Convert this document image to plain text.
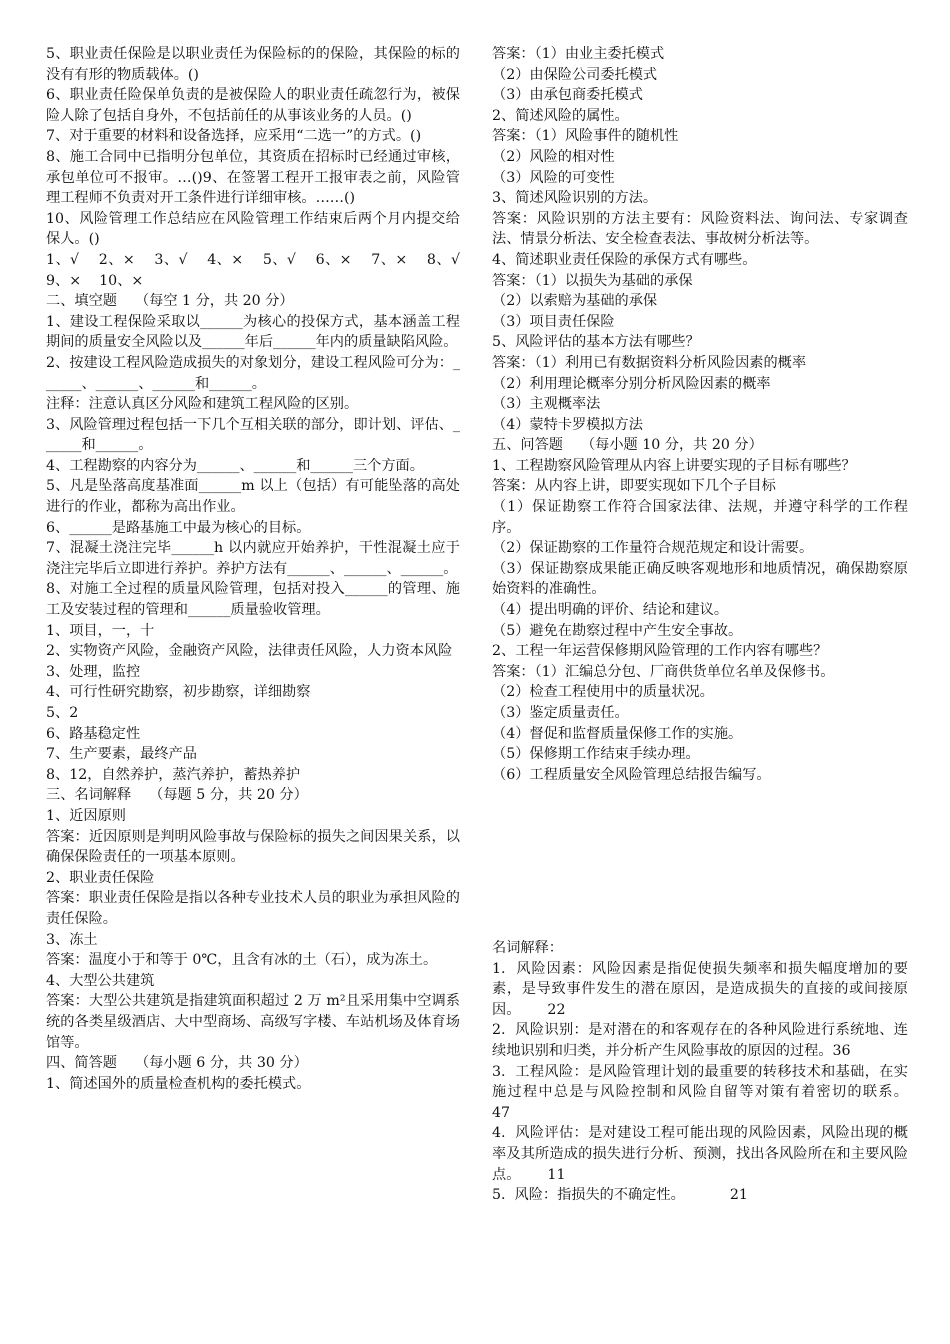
5、职业责任保险是以职业责任为保险标的的保险，其保险的标的没有有形的物质载体。()

6、职业责任险保单负责的是被保险人的职业责任疏忽行为，被保险人除了包括自身外，不包括前任的从事该业务的人员。()

7、对于重要的材料和设备选择，应采用“二选一”的方式。()

8、施工合同中已指明分包单位，其资质在招标时已经通过审核，承包单位可不报审。…()9、在签署工程开工报审表之前，风险管理工程师不负责对开工条件进行详细审核。……()

10、风险管理工作总结应在风险管理工作结束后两个月内提交给保人。()

1、√    2、×    3、√    4、×    5、√    6、×    7、×    8、√    9、×    10、×

二、填空题    （每空 1 分，共 20 分）

1、建设工程保险采取以______为核心的投保方式，基本涵盖工程期间的质量安全风险以及______年后______年内的质量缺陷风险。

2、按建设工程风险造成损失的对象划分，建设工程风险可分为：______、______、______和______。

注释：注意认真区分风险和建筑工程风险的区别。

3、风险管理过程包括一下几个互相关联的部分，即计划、评估、______和______。

4、工程勘察的内容分为______、______和______三个方面。

5、凡是坠落高度基准面______m 以上（包括）有可能坠落的高处进行的作业，都称为高出作业。

6、______是路基施工中最为核心的目标。

7、混凝土浇注完毕______h 以内就应开始养护，干性混凝土应于浇注完毕后立即进行养护。养护方法有______、______、______。

8、对施工全过程的质量风险管理，包括对投入______的管理、施工及安装过程的管理和______质量验收管理。

1、项目，一，十

2、实物资产风险，金融资产风险，法律责任风险，人力资本风险

3、处理，监控

4、可行性研究勘察，初步勘察，详细勘察

5、2

6、路基稳定性

7、生产要素，最终产品

8、12，自然养护，蒸汽养护，蓄热养护

三、名词解释    （每题 5 分，共 20 分）

1、近因原则

答案：近因原则是判明风险事故与保险标的损失之间因果关系，以确保保险责任的一项基本原则。

2、职业责任保险

答案：职业责任保险是指以各种专业技术人员的职业为承担风险的责任保险。

3、冻土

答案：温度小于和等于 0℃，且含有冰的土（石），成为冻土。

4、大型公共建筑

答案：大型公共建筑是指建筑面积超过 2 万 m²且采用集中空调系统的各类星级酒店、大中型商场、高级写字楼、车站机场及体育场馆等。

四、简答题    （每小题 6 分，共 30 分）

1、简述国外的质量检查机构的委托模式。

答案：（1）由业主委托模式

（2）由保险公司委托模式

（3）由承包商委托模式

2、简述风险的属性。

答案：（1）风险事件的随机性

（2）风险的相对性

（3）风险的可变性

3、简述风险识别的方法。

答案：风险识别的方法主要有：风险资料法、询问法、专家调查法、情景分析法、安全检查表法、事故树分析法等。

4、简述职业责任保险的承保方式有哪些。

答案：（1）以损失为基础的承保

（2）以索赔为基础的承保

（3）项目责任保险

5、风险评估的基本方法有哪些？

答案：（1）利用已有数据资料分析风险因素的概率

（2）利用理论概率分别分析风险因素的概率

（3）主观概率法

（4）蒙特卡罗模拟方法

五、问答题    （每小题 10 分，共 20 分）

1、工程勘察风险管理从内容上讲要实现的子目标有哪些？

答案：从内容上讲，即要实现如下几个子目标

（1）保证勘察工作符合国家法律、法规，并遵守科学的工作程序。

（2）保证勘察的工作量符合规范规定和设计需要。

（3）保证勘察成果能正确反映客观地形和地质情况，确保勘察原始资料的准确性。

（4）提出明确的评价、结论和建议。

（5）避免在勘察过程中产生安全事故。

2、工程一年运营保修期风险管理的工作内容有哪些？

答案：（1）汇编总分包、厂商供货单位名单及保修书。

（2）检查工程使用中的质量状况。

（3）鉴定质量责任。

（4）督促和监督质量保修工作的实施。

（5）保修期工作结束手续办理。

（6）工程质量安全风险管理总结报告编写。

名词解释：

1.  风险因素：风险因素是指促使损失频率和损失幅度增加的要素，是导致事件发生的潜在原因，是造成损失的直接的或间接原因。      22

2.  风险识别：是对潜在的和客观存在的各种风险进行系统地、连续地识别和归类，并分析产生风险事故的原因的过程。36

3.  工程风险：是风险管理计划的最重要的转移技术和基础，在实施过程中总是与风险控制和风险自留等对策有着密切的联系。      47

4.  风险评估：是对建设工程可能出现的风险因素，风险出现的概率及其所造成的损失进行分析、预测，找出各风险所在和主要风险点。      11

5.  风险：指损失的不确定性。          21
